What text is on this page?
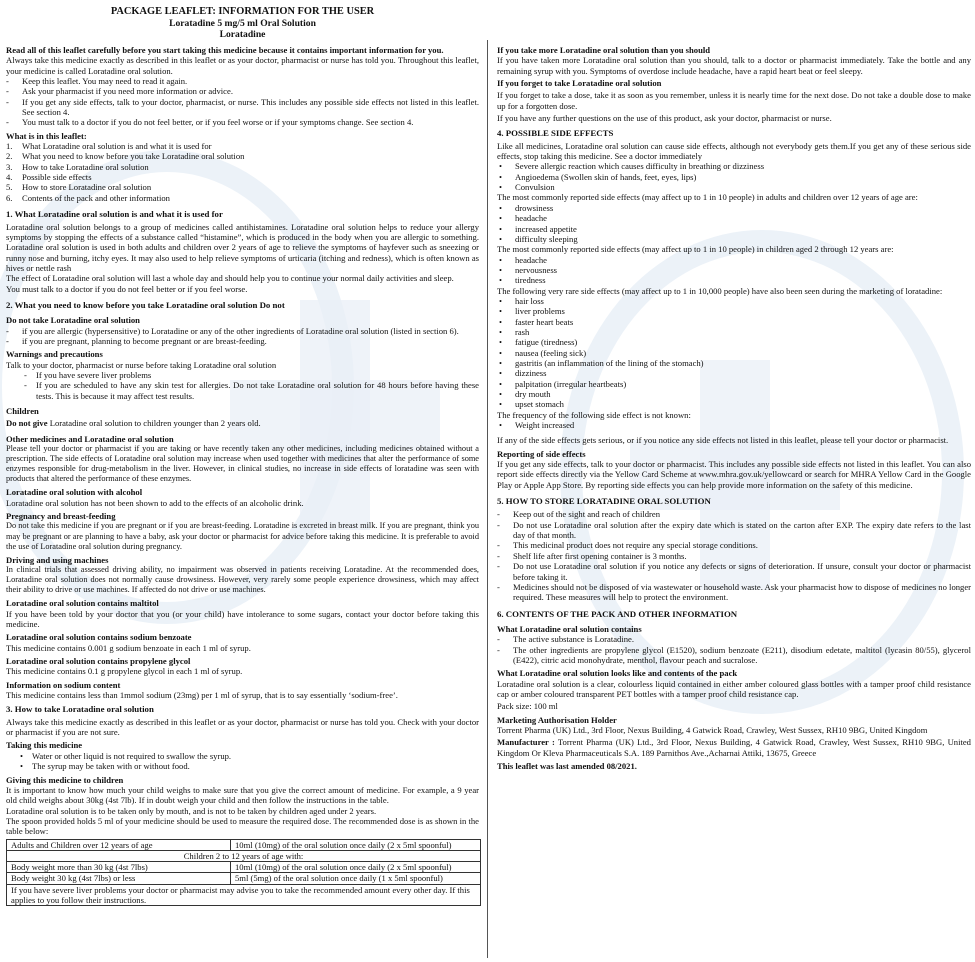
PACKAGE LEAFLET: INFORMATION FOR THE USER
Loratadine 5 mg/5 ml Oral Solution
Loratadine

Read all of this leaflet carefully before you start taking this medicine because it contains important information for you.

Always take this medicine exactly as described in this leaflet or as your doctor, pharmacist or nurse has told you. Throughout this leaflet, your medicine is called Loratadine oral solution.

- Keep this leaflet. You may need to read it again.
- Ask your pharmacist if you need more information or advice.
- If you get any side effects, talk to your doctor, pharmacist, or nurse. This includes any possible side effects not listed in this leaflet. See section 4.
- You must talk to a doctor if you do not feel better, or if you feel worse or if your symptoms change. See section 4.

What is in this leaflet:

1. What Loratadine oral solution is and what it is used for
2. What you need to know before you take Loratadine oral solution
3. How to take Loratadine oral solution
4. Possible side effects
5. How to store Loratadine oral solution
6. Contents of the pack and other information

1. What Loratadine oral solution is and what it is used for

Loratadine oral solution belongs to a group of medicines called antihistamines. Loratadine oral solution helps to reduce your allergy symptoms by stopping the effects of a substance called “histamine”, which is produced in the body when you are allergic to something. Loratadine oral solution is used in both adults and children over 2 years of age to relieve the symptoms of hayfever such as sneezing or runny nose and burning, itchy eyes. It may also used to help relieve symptoms of urticaria (itching and redness), which is often known as hives or nettle rash

The effect of Loratadine oral solution will last a whole day and should help you to continue your normal daily activities and sleep.

You must talk to a doctor if you do not feel better or if you feel worse.

2. What you need to know before you take Loratadine oral solution Do not

Do not take Loratadine oral solution

- if you are allergic (hypersensitive) to Loratadine or any of the other ingredients of Loratadine oral solution (listed in section 6).
- if you are pregnant, planning to become pregnant or are breast-feeding.

Warnings and precautions

Talk to your doctor, pharmacist or nurse before taking Loratadine oral solution

- If you have severe liver problems
- If you are scheduled to have any skin test for allergies. Do not take Loratadine oral solution for 48 hours before having these tests. This is because it may affect test results.

Children

Do not give Loratadine oral solution to children younger than 2 years old.

Other medicines and Loratadine oral solution

Please tell your doctor or pharmacist if you are taking or have recently taken any other medicines, including medicines obtained without a prescription. The side effects of Loratadine oral solution may increase when used together with medicines that alter the performance of some enzymes responsible for drug-metabolism in the liver. However, in clinical studies, no increase in side effects of loratadine was seen with products that altered the performance of these enzymes.

Loratadine oral solution with alcohol

Loratadine oral solution has not been shown to add to the effects of an alcoholic drink.

Pregnancy and breast-feeding

Do not take this medicine if you are pregnant or if you are breast-feeding. Loratadine is excreted in breast milk. If you are pregnant, think you may be pregnant or are planning to have a baby, ask your doctor or pharmacist for advice before taking this medicine. It is preferable to avoid the use of Loratadine oral solution during pregnancy.

Driving and using machines

In clinical trials that assessed driving ability, no impairment was observed in patients receiving Loratadine. At the recommended does, Loratadine oral solution does not normally cause drowsiness. However, very rarely some people experience drowsiness, which may affect their ability to drive or use machines. If affected do not drive or use machines.

Loratadine oral solution contains maltitol

If you have been told by your doctor that you (or your child) have intolerance to some sugars, contact your doctor before taking this medicine.

Loratadine oral solution contains sodium benzoate

This medicine contains 0.001 g sodium benzoate in each 1 ml of syrup.

Loratadine oral solution contains propylene glycol

This medicine contains 0.1 g propylene glycol in each 1 ml of syrup.

Information on sodium content

This medicine contains less than 1mmol sodium (23mg) per 1 ml of syrup, that is to say essentially ‘sodium-free’.

3. How to take Loratadine oral solution

Always take this medicine exactly as described in this leaflet or as your doctor, pharmacist or nurse has told you. Check with your doctor or pharmacist if you are not sure.

Taking this medicine

• Water or other liquid is not required to swallow the syrup.
• The syrup may be taken with or without food.

Giving this medicine to children

It is important to know how much your child weighs to make sure that you give the correct amount of medicine. For example, a 9 year old child weighs about 30kg (4st 7lb). If in doubt weigh your child and then follow the instructions in the table.

Loratadine oral solution is to be taken only by mouth, and is not to be taken by children aged under 2 years.

The spoon provided holds 5 ml of your medicine should be used to measure the required dose. The recommended dose is as shown in the table below:

Adults and Children over 12 years of age	10ml (10mg) of the oral solution once daily (2 x 5ml spoonful)
Children 2 to 12 years of age with:	
Body weight more than 30 kg (4st 7lbs)	10ml (10mg) of the oral solution once daily (2 x 5ml spoonful)
Body weight 30 kg (4st 7lbs) or less	5ml (5mg) of the oral solution once daily (1 x 5ml spoonful)
If you have severe liver problems your doctor or pharmacist may advise you to take the recommended amount every other day. If this applies to you follow their instructions.	

If you take more Loratadine oral solution than you should

If you have taken more Loratadine oral solution than you should, talk to a doctor or pharmacist immediately. Take the bottle and any remaining syrup with you. Symptoms of overdose include headache, have a rapid heart beat or feel sleepy.

If you forget to take Loratadine oral solution

If you forget to take a dose, take it as soon as you remember, unless it is nearly time for the next dose. Do not take a double dose to make up for a forgotten dose.

If you have any further questions on the use of this product, ask your doctor, pharmacist or nurse.

4. POSSIBLE SIDE EFFECTS

Like all medicines, Loratadine oral solution can cause side effects, although not everybody gets them.If you get any of these serious side effects, stop taking this medicine. See a doctor immediately

• Severe allergic reaction which causes difficulty in breathing or dizziness
• Angioedema (Swollen skin of hands, feet, eyes, lips)
• Convulsion

The most commonly reported side effects (may affect up to 1 in 10 people) in adults and children over 12 years of age are:

• drowsiness
• headache
• increased appetite
• difficulty sleeping

The most commonly reported side effects (may affect up to 1 in 10 people) in children aged 2 through 12 years are:

• headache
• nervousness
• tiredness

The following very rare side effects (may affect up to 1 in 10,000 people) have also been seen during the marketing of loratadine:

• hair loss
• liver problems
• faster heart beats
• rash
• fatigue (tiredness)
• nausea (feeling sick)
• gastritis (an inflammation of the lining of the stomach)
• dizziness
• palpitation (irregular heartbeats)
• dry mouth
• upset stomach

The frequency of the following side effect is not known:

• Weight increased

If any of the side effects gets serious, or if you notice any side effects not listed in this leaflet, please tell your doctor or pharmacist.

Reporting of side effects

If you get any side effects, talk to your doctor or pharmacist. This includes any possible side effects not listed in this leaflet. You can also report side effects directly via the Yellow Card Scheme at www.mhra.gov.uk/yellowcard or search for MHRA Yellow Card in the Google Play or Apple App Store. By reporting side effects you can help provide more information on the safety of this medicine.

5. HOW TO STORE LORATADINE ORAL SOLUTION

- Keep out of the sight and reach of children
- Do not use Loratadine oral solution after the expiry date which is stated on the carton after EXP. The expiry date refers to the last day of that month.
- This medicinal product does not require any special storage conditions.
- Shelf life after first opening container is 3 months.
- Do not use Loratadine oral solution if you notice any defects or signs of deterioration. If unsure, consult your doctor or pharmacist before taking it.
- Medicines should not be disposed of via wastewater or household waste. Ask your pharmacist how to dispose of medicines no longer required. These measures will help to protect the environment.

6. CONTENTS OF THE PACK AND OTHER INFORMATION

What Loratadine oral solution contains

- The active substance is Loratadine.
- The other ingredients are propylene glycol (E1520), sodium benzoate (E211), disodium edetate, maltitol (lycasin 80/55), glycerol (E422), citric acid monohydrate, menthol, flavour peach and sucralose.

What Loratadine oral solution looks like and contents of the pack

Loratadine oral solution is a clear, colourless liquid contained in either amber coloured glass bottles with a tamper proof child resistance cap or amber coloured transparent PET bottles with a tamper proof child resistance cap.

Pack size: 100 ml

Marketing Authorisation Holder

Torrent Pharma (UK) Ltd., 3rd Floor, Nexus Building, 4 Gatwick Road, Crawley, West Sussex, RH10 9BG, United Kingdom

Manufacturer : Torrent Pharma (UK) Ltd., 3rd Floor, Nexus Building, 4 Gatwick Road, Crawley, West Sussex, RH10 9BG, United Kingdom Or Kleva Pharmaceuticals S.A. 189 Parnithos Ave.,Acharnai Attiki, 13675, Greece

This leaflet was last amended 08/2021.
